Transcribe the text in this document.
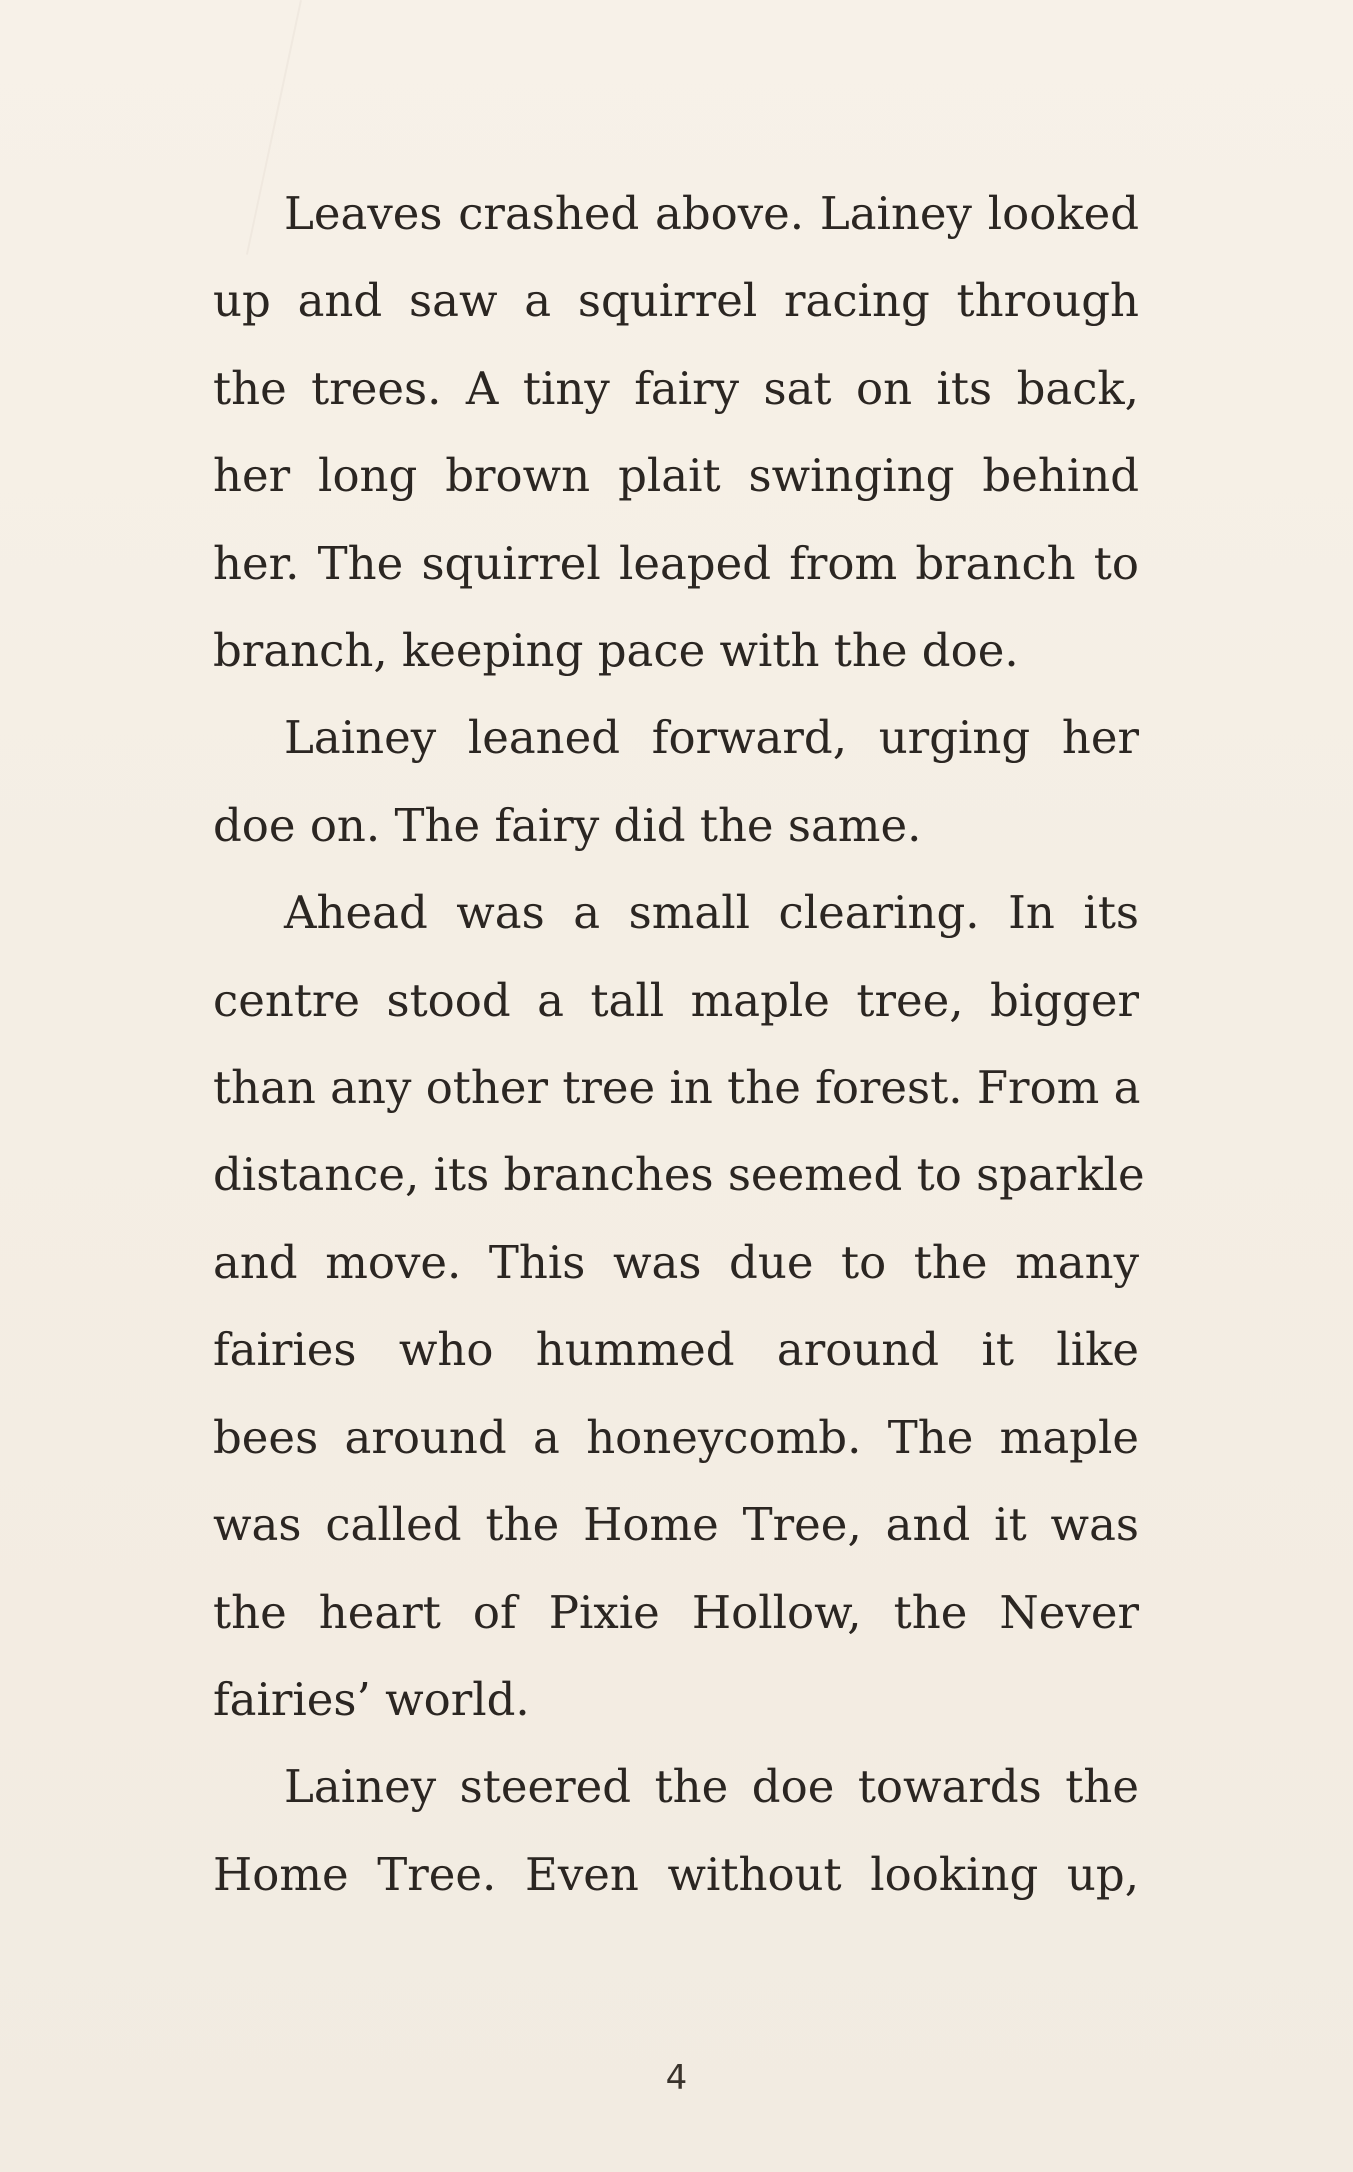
Leaves crashed above. Lainey looked
up and saw a squirrel racing through
the trees. A tiny fairy sat on its back,
her long brown plait swinging behind
her. The squirrel leaped from branch to
branch, keeping pace with the doe.

Lainey leaned forward, urging her
doe on. The fairy did the same.

Ahead was a small clearing. In its
centre stood a tall maple tree, bigger
than any other tree in the forest. From a
distance, its branches seemed to sparkle
and move. This was due to the many
fairies who hummed around it like
bees around a honeycomb. The maple
was called the Home Tree, and it was
the heart of Pixie Hollow, the Never
fairies’ world.

Lainey steered the doe towards the
Home Tree. Even without looking up,

4
